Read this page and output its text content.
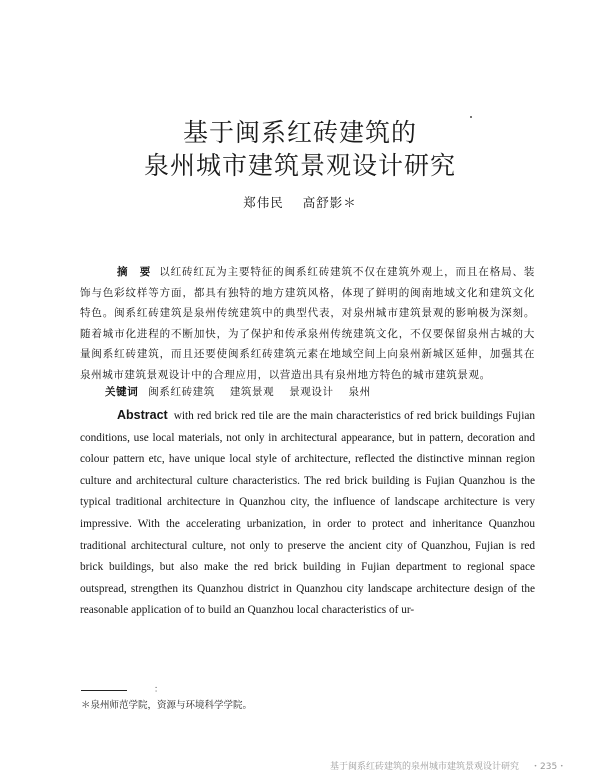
基于闽系红砖建筑的
泉州城市建筑景观设计研究
郑伟民 高舒影＊

摘　要 以红砖红瓦为主要特征的闽系红砖建筑不仅在建筑外观上，而且在格局、装饰与色彩纹样等方面，都具有独特的地方建筑风格，体现了鲜明的闽南地域文化和建筑文化特色。闽系红砖建筑是泉州传统建筑中的典型代表，对泉州城市建筑景观的影响极为深刻。随着城市化进程的不断加快，为了保护和传承泉州传统建筑文化，不仅要保留泉州古城的大量闽系红砖建筑，而且还要使闽系红砖建筑元素在地域空间上向泉州新城区延伸，加强其在泉州城市建筑景观设计中的合理应用，以营造出具有泉州地方特色的城市建筑景观。

关键词 闽系红砖建筑 建筑景观 景观设计 泉州

Abstract with red brick red tile are the main characteristics of red brick buildings Fujian conditions, use local materials, not only in architectural appearance, but in pattern, decoration and colour pattern etc, have unique local style of architecture, reflected the distinctive minnan region culture and architectural culture characteristics. The red brick building is Fujian Quanzhou is the typical traditional architecture in Quanzhou city, the influence of landscape architecture is very impressive. With the accelerating urbanization, in order to protect and inheritance Quanzhou traditional architectural culture, not only to preserve the ancient city of Quanzhou, Fujian is red brick buildings, but also make the red brick building in Fujian department to regional space outspread, strengthen its Quanzhou district in Quanzhou city landscape architecture design of the reasonable application of to build an Quanzhou local characteristics of ur-

：
＊泉州师范学院，资源与环境科学学院。
基于闽系红砖建筑的泉州城市建筑景观设计研究 ・235・
